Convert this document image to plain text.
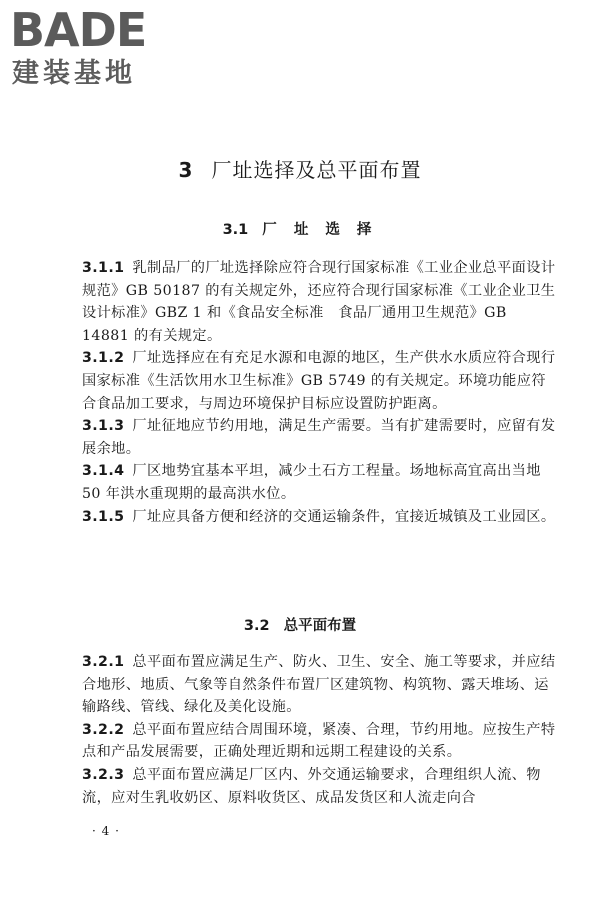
BADE
建装基地
3 厂址选择及总平面布置
3.1 厂 址 选 择

3.1.1 乳制品厂的厂址选择除应符合现行国家标准《工业企业总平面设计规范》GB 50187 的有关规定外，还应符合现行国家标准《工业企业卫生设计标准》GBZ 1 和《食品安全标准　食品厂通用卫生规范》GB 14881 的有关规定。

3.1.2 厂址选择应在有充足水源和电源的地区，生产供水水质应符合现行国家标准《生活饮用水卫生标准》GB 5749 的有关规定。环境功能应符合食品加工要求，与周边环境保护目标应设置防护距离。

3.1.3 厂址征地应节约用地，满足生产需要。当有扩建需要时，应留有发展余地。

3.1.4 厂区地势宜基本平坦，减少土石方工程量。场地标高宜高出当地 50 年洪水重现期的最高洪水位。

3.1.5 厂址应具备方便和经济的交通运输条件，宜接近城镇及工业园区。

3.2 总平面布置

3.2.1 总平面布置应满足生产、防火、卫生、安全、施工等要求，并应结合地形、地质、气象等自然条件布置厂区建筑物、构筑物、露天堆场、运输路线、管线、绿化及美化设施。

3.2.2 总平面布置应结合周围环境，紧凑、合理，节约用地。应按生产特点和产品发展需要，正确处理近期和远期工程建设的关系。

3.2.3 总平面布置应满足厂区内、外交通运输要求，合理组织人流、物流，应对生乳收奶区、原料收货区、成品发货区和人流走向合

· 4 ·
